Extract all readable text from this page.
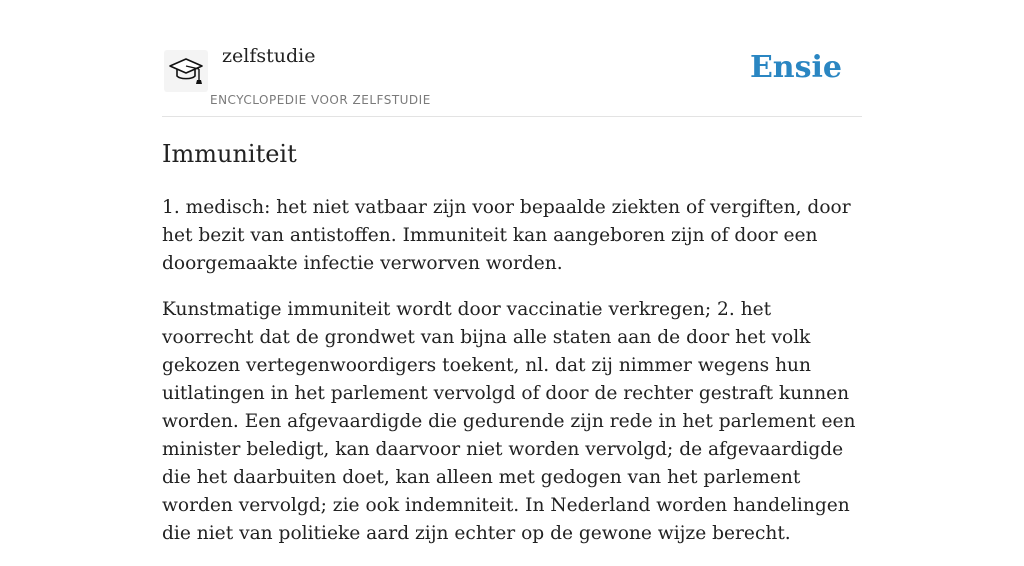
zelfstudie
ENCYCLOPEDIE VOOR ZELFSTUDIE
Ensie
Immuniteit

1. medisch: het niet vatbaar zijn voor bepaalde ziekten of vergiften, door het bezit van antistoffen. Immuniteit kan aangeboren zijn of door een doorgemaakte infectie verworven worden.

Kunstmatige immuniteit wordt door vaccinatie verkregen; 2. het voorrecht dat de grondwet van bijna alle staten aan de door het volk gekozen vertegenwoordigers toekent, nl. dat zij nimmer wegens hun uitlatingen in het parlement vervolgd of door de rechter gestraft kunnen worden. Een afgevaardigde die gedurende zijn rede in het parlement een minister beledigt, kan daarvoor niet worden vervolgd; de afgevaardigde die het daarbuiten doet, kan alleen met gedogen van het parlement worden vervolgd; zie ook indemniteit. In Nederland worden handelingen die niet van politieke aard zijn echter op de gewone wijze berecht.
